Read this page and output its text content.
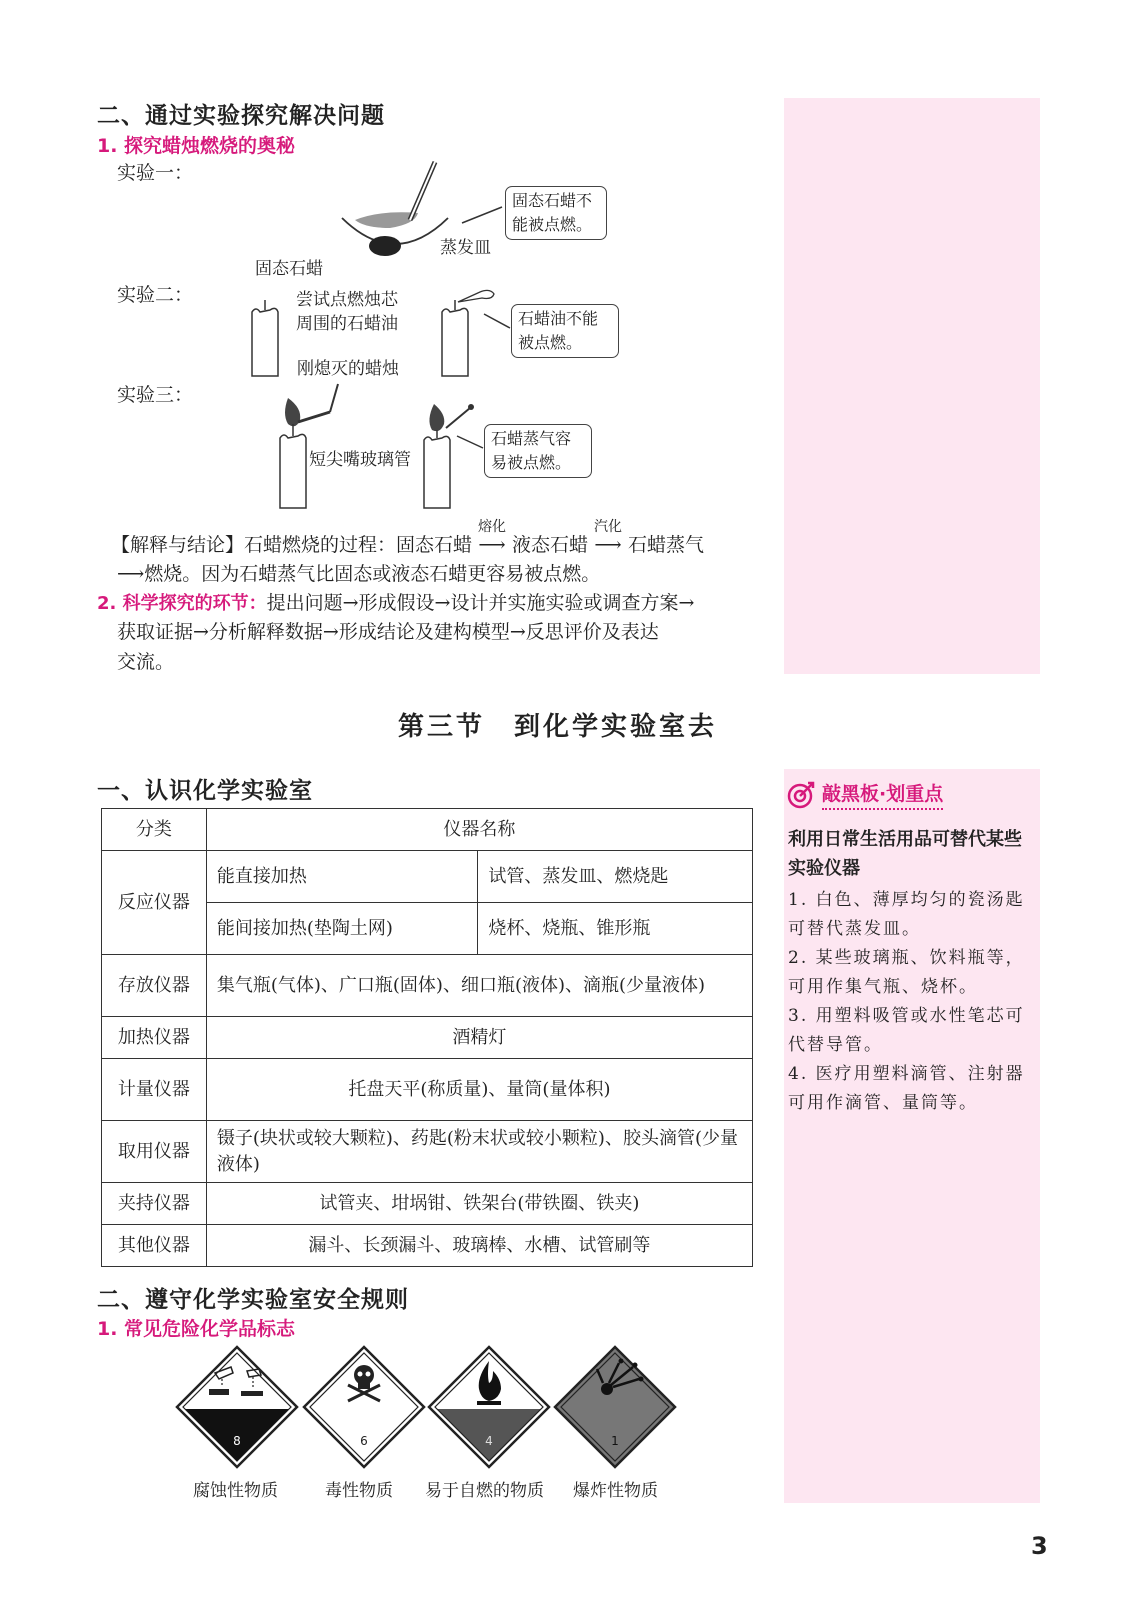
敲黑板·划重点
利用日常生活用品可替代某些实验仪器
1. 白色、薄厚均匀的瓷汤匙可替代蒸发皿。
2. 某些玻璃瓶、饮料瓶等，可用作集气瓶、烧杯。
3. 用塑料吸管或水性笔芯可代替导管。
4. 医疗用塑料滴管、注射器可用作滴管、量筒等。
二、通过实验探究解决问题
1. 探究蜡烛燃烧的奥秘
实验一：
固态石蜡
蒸发皿
固态石蜡不能被点燃。
实验二：	尝试点燃烛芯周围的石蜡油
刚熄灭的蜡烛
石蜡油不能被点燃。
实验三：
短尖嘴玻璃管
石蜡蒸气容易被点燃。
【解释与结论】石蜡燃烧的过程：固态石蜡
熔化
⟶ 液态石蜡
汽化
⟶ 石蜡蒸气
⟶燃烧。因为石蜡蒸气比固态或液态石蜡更容易被点燃。
2. 科学探究的环节：提出问题→形成假设→设计并实施实验或调查方案→
获取证据→分析解释数据→形成结论及建构模型→反思评价及表达
交流。
第三节　到化学实验室去
一、认识化学实验室
分类	仪器名称	
反应仪器	能直接加热	试管、蒸发皿、燃烧匙
	能间接加热(垫陶土网)	烧杯、烧瓶、锥形瓶
存放仪器	集气瓶(气体)、广口瓶(固体)、细口瓶(液体)、滴瓶(少量液体)	
加热仪器	酒精灯	
计量仪器	托盘天平(称质量)、量筒(量体积)	
取用仪器	镊子(块状或较大颗粒)、药匙(粉末状或较小颗粒)、胶头滴管(少量液体)	
夹持仪器	试管夹、坩埚钳、铁架台(带铁圈、铁夹)	
其他仪器	漏斗、长颈漏斗、玻璃棒、水槽、试管刷等	
二、遵守化学实验室安全规则
1. 常见危险化学品标志
8	6	4	1
腐蚀性物质	毒性物质 易于自燃的物质 爆炸性物质
3
